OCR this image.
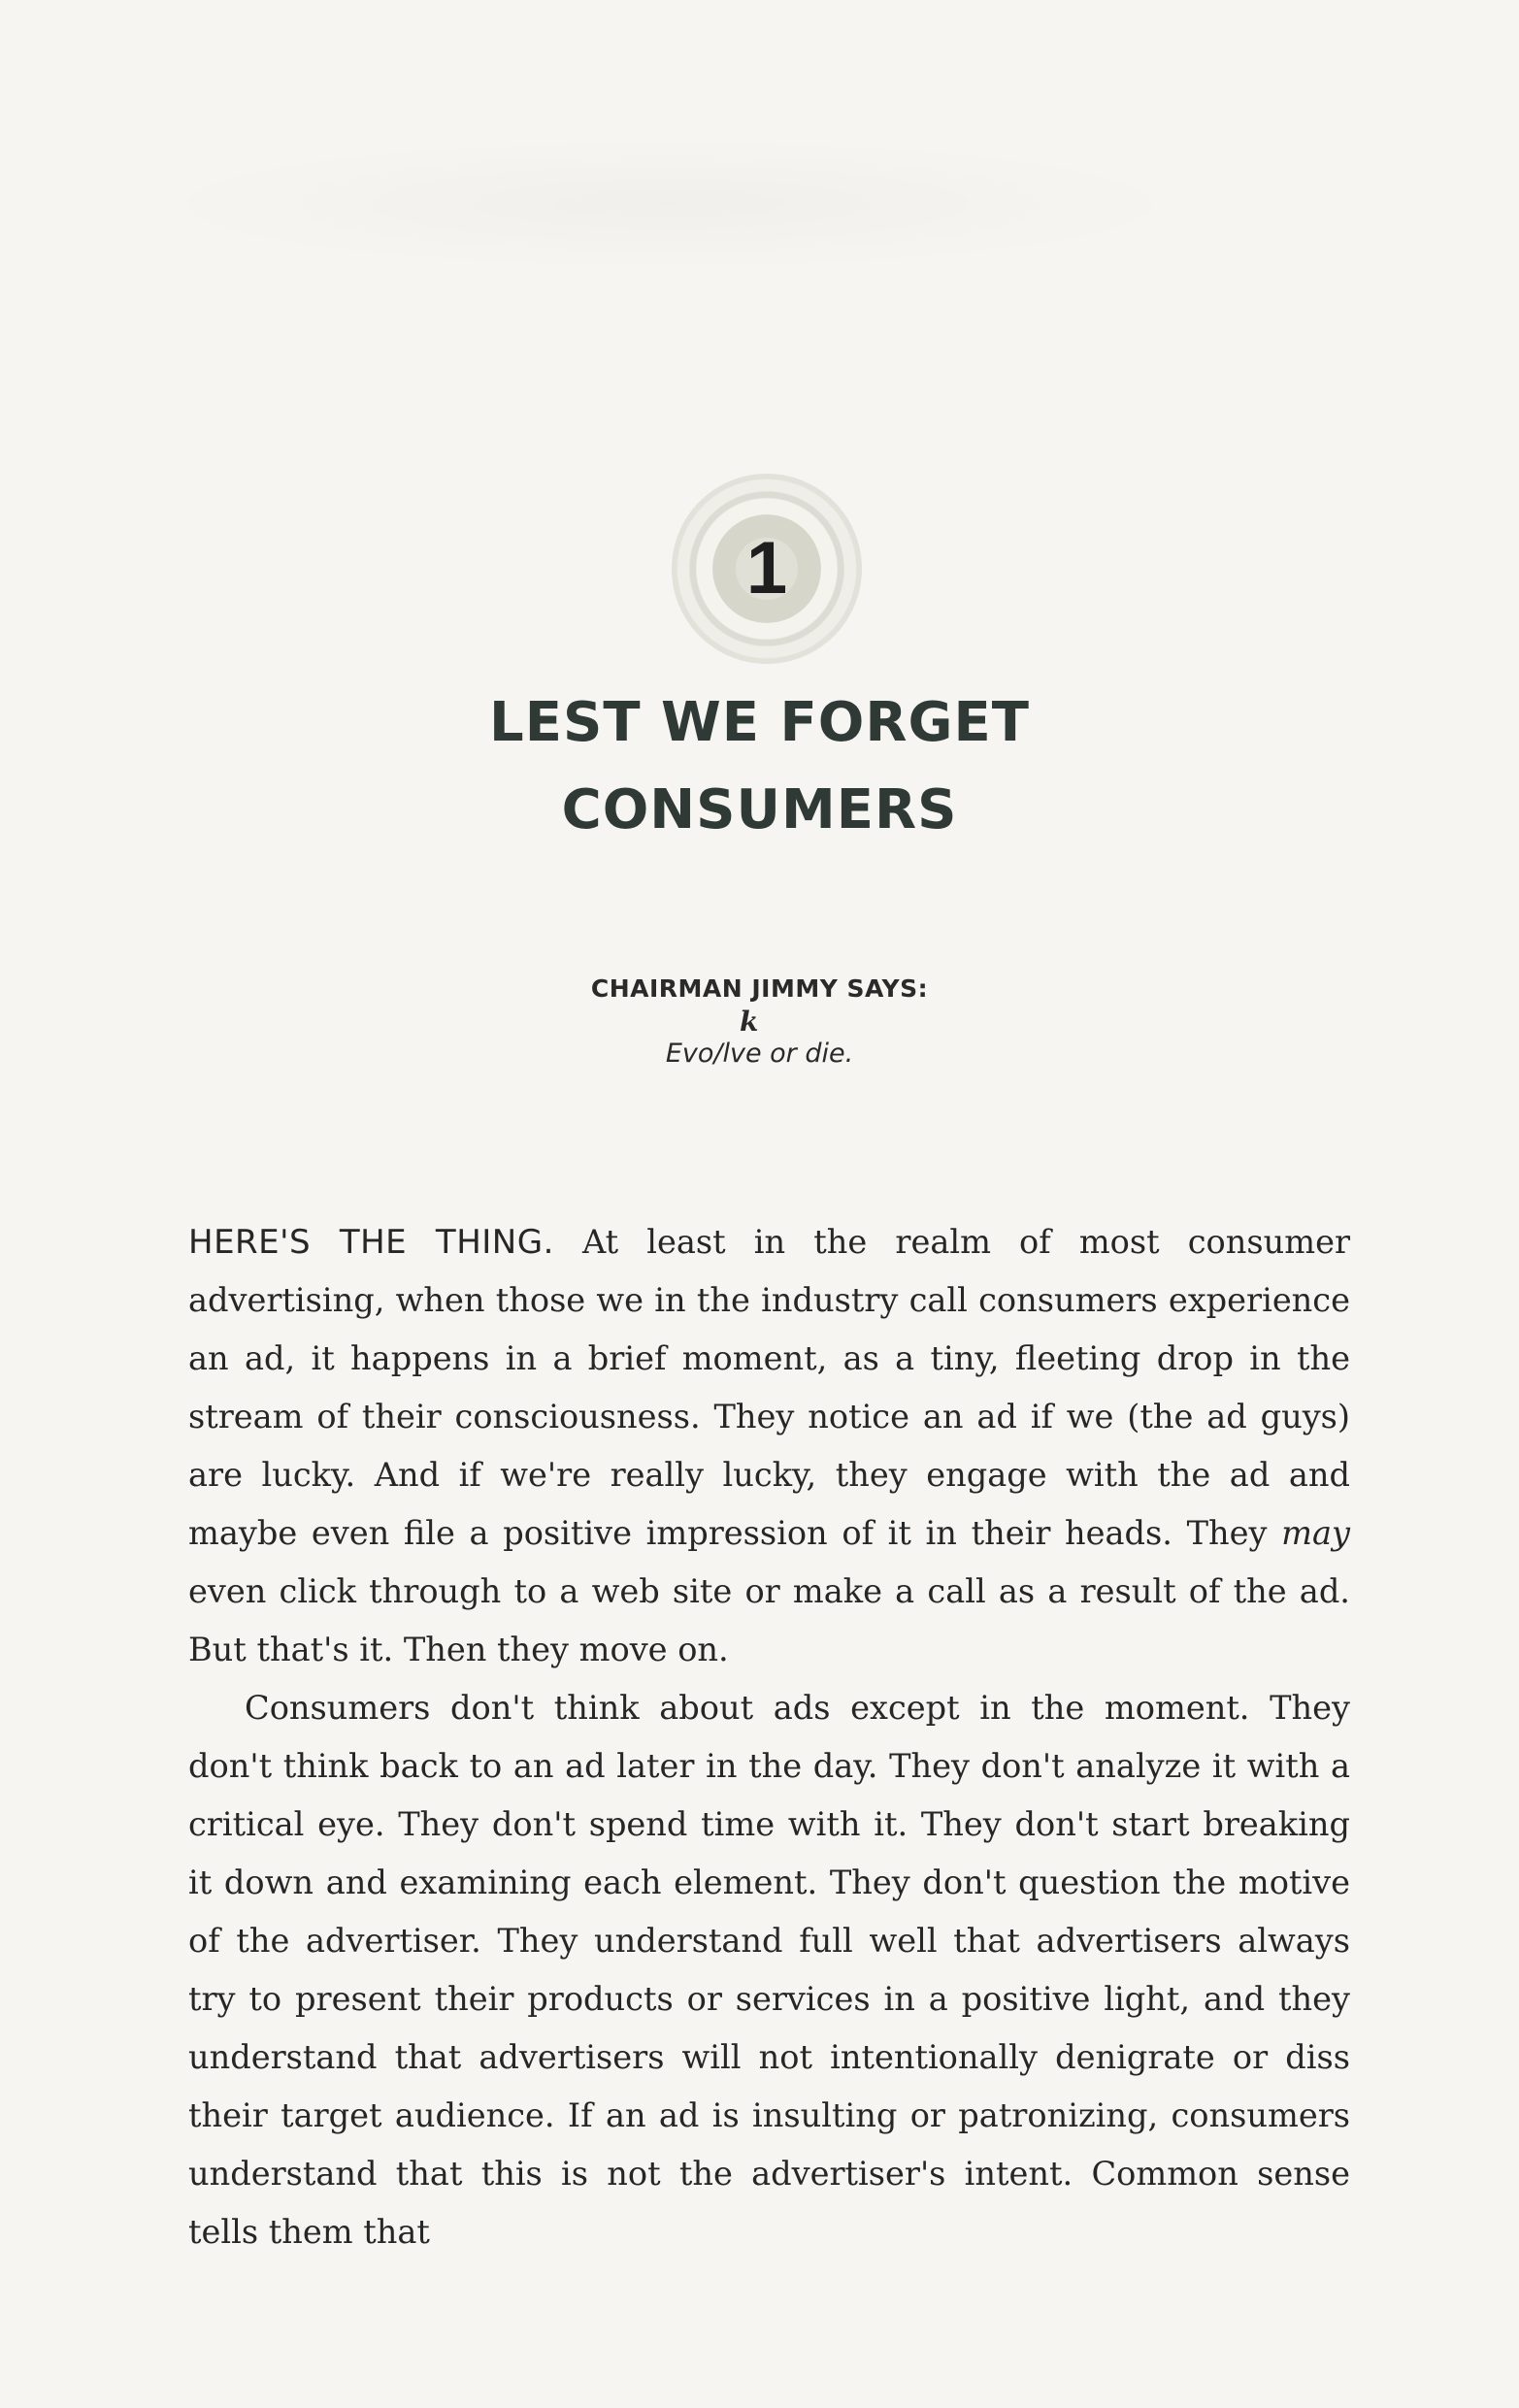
1
LEST WE FORGET
CONSUMERS
CHAIRMAN JIMMY SAYS:
k
Evo/lve or die.

HERE'S THE THING. At least in the realm of most consumer advertising, when those we in the industry call consumers experience an ad, it happens in a brief moment, as a tiny, fleeting drop in the stream of their consciousness. They notice an ad if we (the ad guys) are lucky. And if we're really lucky, they engage with the ad and maybe even file a positive impression of it in their heads. They may even click through to a web site or make a call as a result of the ad. But that's it. Then they move on.

Consumers don't think about ads except in the moment. They don't think back to an ad later in the day. They don't analyze it with a critical eye. They don't spend time with it. They don't start breaking it down and examining each element. They don't question the motive of the advertiser. They understand full well that advertisers always try to present their products or services in a positive light, and they understand that advertisers will not intentionally denigrate or diss their target audience. If an ad is insulting or patronizing, consumers understand that this is not the advertiser's intent. Common sense tells them that
